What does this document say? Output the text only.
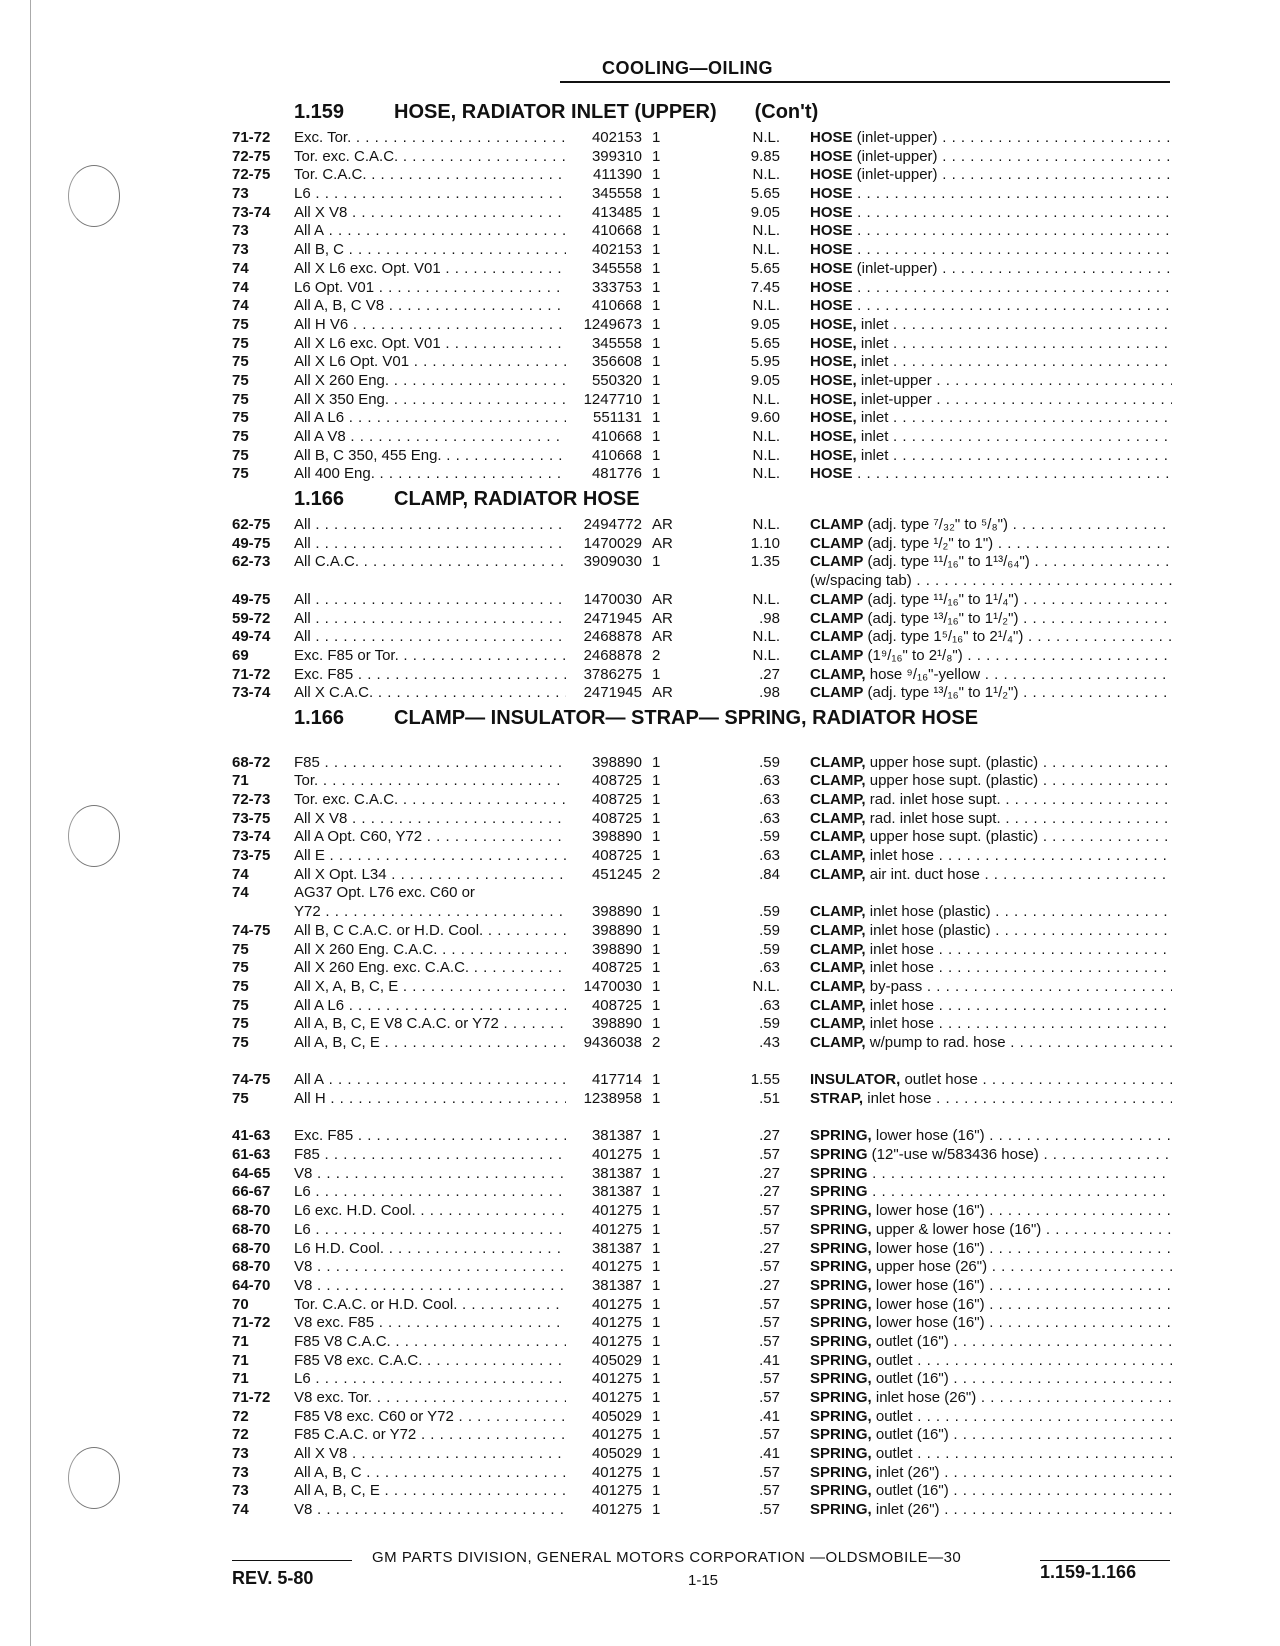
COOLING—OILING
1.159 HOSE, RADIATOR INLET (UPPER) (Con't)
71-72	Exc. Tor. . . .	402153 1	N.L. HOSE (inlet-upper) . . .
72-75	Tor. exc. C.A.C. . . .	399310 1	9.85 HOSE (inlet-upper) . . .
72-75	Tor. C.A.C. . . .	411390 1	N.L. HOSE (inlet-upper) . . .
73	L6 . . .	345558 1	5.65 HOSE . . .
73-74	All X V8 . . .	413485 1	9.05 HOSE . . .
73	All A . . .	410668 1	N.L. HOSE . . .
73	All B, C . . .	402153 1	N.L. HOSE . . .
74	All X L6 exc. Opt. V01 . . .	345558 1	5.65 HOSE (inlet-upper) . . .
74	L6 Opt. V01 . . .	333753 1	7.45 HOSE . . .
74	All A, B, C V8 . . .	410668 1	N.L. HOSE . . .
75	All H V6 . . .	1249673 1	9.05 HOSE, inlet . . .
75	All X L6 exc. Opt. V01 . . .	345558 1	5.65 HOSE, inlet . . .
75	All X L6 Opt. V01 . . .	356608 1	5.95 HOSE, inlet . . .
75	All X 260 Eng. . . .	550320 1	9.05 HOSE, inlet-upper . . .
75	All X 350 Eng. . . .	1247710 1	N.L. HOSE, inlet-upper . . .
75	All A L6 . . .	551131 1	9.60 HOSE, inlet . . .
75	All A V8 . . .	410668 1	N.L. HOSE, inlet . . .
75	All B, C 350, 455 Eng. . . .	410668 1	N.L. HOSE, inlet . . .
75	All 400 Eng. . . .	481776 1	N.L. HOSE . . .
1.166 CLAMP, RADIATOR HOSE
62-75	All . . .	2494772 AR	N.L. CLAMP (adj. type ⁷/₃₂" to ⁵/₈") . . .
49-75	All . . .	1470029 AR	1.10 CLAMP (adj. type ¹/₂" to 1") . . .
62-73	All C.A.C. . . .	3909030 1	1.35 CLAMP (adj. type ¹¹/₁₆" to 1¹³/₆₄") . . .
(w/spacing tab) . . .
49-75	All . . .	1470030 AR	N.L. CLAMP (adj. type ¹¹/₁₆" to 1¹/₄") . . .
59-72	All . . .	2471945 AR	.98 CLAMP (adj. type ¹³/₁₆" to 1¹/₂") . . .
49-74	All . . .	2468878 AR	N.L. CLAMP (adj. type 1⁵/₁₆" to 2¹/₄") . . .
69	Exc. F85 or Tor. . . .	2468878 2	N.L. CLAMP (1⁹/₁₆" to 2¹/₈") . . .
71-72	Exc. F85 . . .	3786275 1	.27 CLAMP, hose ⁹/₁₆"-yellow . . .
73-74	All X C.A.C. . . .	2471945 AR	.98 CLAMP (adj. type ¹³/₁₆" to 1¹/₂") . . .
1.166 CLAMP— INSULATOR— STRAP— SPRING, RADIATOR HOSE
68-72	F85 . . .	398890 1	.59 CLAMP, upper hose supt. (plastic) . . .
71	Tor. . . .	408725 1	.63 CLAMP, upper hose supt. (plastic) . . .
72-73	Tor. exc. C.A.C. . . .	408725 1	.63 CLAMP, rad. inlet hose supt. . . .
73-75	All X V8 . . .	408725 1	.63 CLAMP, rad. inlet hose supt. . . .
73-74	All A Opt. C60, Y72 . . .	398890 1	.59 CLAMP, upper hose supt. (plastic) . . .
73-75	All E . . .	408725 1	.63 CLAMP, inlet hose . . .
74	All X Opt. L34 . . .	451245 2	.84 CLAMP, air int. duct hose . . .
74	AG37 Opt. L76 exc. C60 or
Y72 . . .	398890 1	.59 CLAMP, inlet hose (plastic) . . .
74-75	All B, C C.A.C. or H.D. Cool. . . .	398890 1	.59 CLAMP, inlet hose (plastic) . . .
75	All X 260 Eng. C.A.C. . . .	398890 1	.59 CLAMP, inlet hose . . .
75	All X 260 Eng. exc. C.A.C. . . .	408725 1	.63 CLAMP, inlet hose . . .
75	All X, A, B, C, E . . .	1470030 1	N.L. CLAMP, by-pass . . .
75	All A L6 . . .	408725 1	.63 CLAMP, inlet hose . . .
75	All A, B, C, E V8 C.A.C. or Y72 . . .	398890 1	.59 CLAMP, inlet hose . . .
75	All A, B, C, E . . .	9436038 2	.43 CLAMP, w/pump to rad. hose . . .
74-75	All A . . .	417714 1	1.55 INSULATOR, outlet hose . . .
75	All H . . .	1238958 1	.51 STRAP, inlet hose . . .
41-63	Exc. F85 . . .	381387 1	.27 SPRING, lower hose (16") . . .
61-63	F85 . . .	401275 1	.57 SPRING (12"-use w/583436 hose) . . .
64-65	V8 . . .	381387 1	.27 SPRING . . .
66-67	L6 . . .	381387 1	.27 SPRING . . .
68-70	L6 exc. H.D. Cool. . . .	401275 1	.57 SPRING, lower hose (16") . . .
68-70	L6 . . .	401275 1	.57 SPRING, upper & lower hose (16") . . .
68-70	L6 H.D. Cool. . . .	381387 1	.27 SPRING, lower hose (16") . . .
68-70	V8 . . .	401275 1	.57 SPRING, upper hose (26") . . .
64-70	V8 . . .	381387 1	.27 SPRING, lower hose (16") . . .
70	Tor. C.A.C. or H.D. Cool. . . .	401275 1	.57 SPRING, lower hose (16") . . .
71-72	V8 exc. F85 . . .	401275 1	.57 SPRING, lower hose (16") . . .
71	F85 V8 C.A.C. . . .	401275 1	.57 SPRING, outlet (16") . . .
71	F85 V8 exc. C.A.C. . . .	405029 1	.41 SPRING, outlet . . .
71	L6 . . .	401275 1	.57 SPRING, outlet (16") . . .
71-72	V8 exc. Tor. . . .	401275 1	.57 SPRING, inlet hose (26") . . .
72	F85 V8 exc. C60 or Y72 . . .	405029 1	.41 SPRING, outlet . . .
72	F85 C.A.C. or Y72 . . .	401275 1	.57 SPRING, outlet (16") . . .
73	All X V8 . . .	405029 1	.41 SPRING, outlet . . .
73	All A, B, C . . .	401275 1	.57 SPRING, inlet (26") . . .
73	All A, B, C, E . . .	401275 1	.57 SPRING, outlet (16") . . .
74	V8 . . .	401275 1	.57 SPRING, inlet (26") . . .
GM PARTS DIVISION, GENERAL MOTORS CORPORATION —OLDSMOBILE—30
REV. 5-80	1-15	1.159-1.166
